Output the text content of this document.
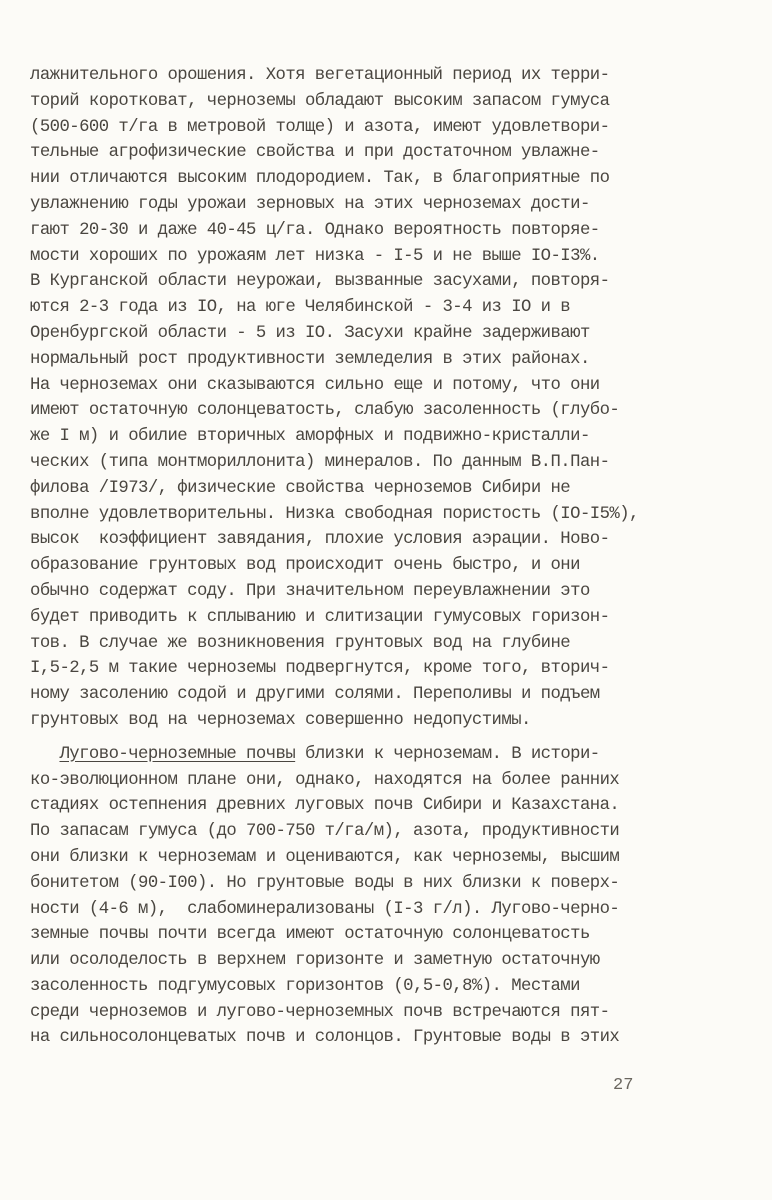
лажнительного орошения. Хотя вегетационный период их терри-
торий коротковат, черноземы обладают высоким запасом гумуса
(500-600 т/га в метровой толще) и азота, имеют удовлетвори-
тельные агрофизические свойства и при достаточном увлажне-
нии отличаются высоким плодородием. Так, в благоприятные по
увлажнению годы урожаи зерновых на этих черноземах дости-
гают 20-30 и даже 40-45 ц/га. Однако вероятность повторяе-
мости хороших по урожаям лет низка - I-5 и не выше IO-I3%.
В Курганской области неурожаи, вызванные засухами, повторя-
ются 2-3 года из IO, на юге Челябинской - 3-4 из IO и в
Оренбургской области - 5 из IO. Засухи крайне задерживают
нормальный рост продуктивности земледелия в этих районах.
На черноземах они сказываются сильно еще и потому, что они
имеют остаточную солонцеватость, слабую засоленность (глубо-
же I м) и обилие вторичных аморфных и подвижно-кристалли-
ческих (типа монтмориллонита) минералов. По данным В.П.Пан-
филова /I973/, физические свойства черноземов Сибири не
вполне удовлетворительны. Низка свободная пористость (IO-I5%),
высок  коэффициент завядания, плохие условия аэрации. Ново-
образование грунтовых вод происходит очень быстро, и они
обычно содержат соду. При значительном переувлажнении это
будет приводить к сплыванию и слитизации гумусовых горизон-
тов. В случае же возникновения грунтовых вод на глубине
I,5-2,5 м такие черноземы подвергнутся, кроме того, вторич-
ному засолению содой и другими солями. Переполивы и подъем
грунтовых вод на черноземах совершенно недопустимы.
Лугово-черноземные почвы близки к черноземам. В истори-
ко-эволюционном плане они, однако, находятся на более ранних
стадиях остепнения древних луговых почв Сибири и Казахстана.
По запасам гумуса (до 700-750 т/га/м), азота, продуктивности
они близки к черноземам и оцениваются, как черноземы, высшим
бонитетом (90-I00). Но грунтовые воды в них близки к поверх-
ности (4-6 м),  слабоминерализованы (I-3 г/л). Лугово-черно-
земные почвы почти всегда имеют остаточную солонцеватость
или осолоделость в верхнем горизонте и заметную остаточную
засоленность подгумусовых горизонтов (0,5-0,8%). Местами
среди черноземов и лугово-черноземных почв встречаются пят-
на сильносолонцеватых почв и солонцов. Грунтовые воды в этих
27
